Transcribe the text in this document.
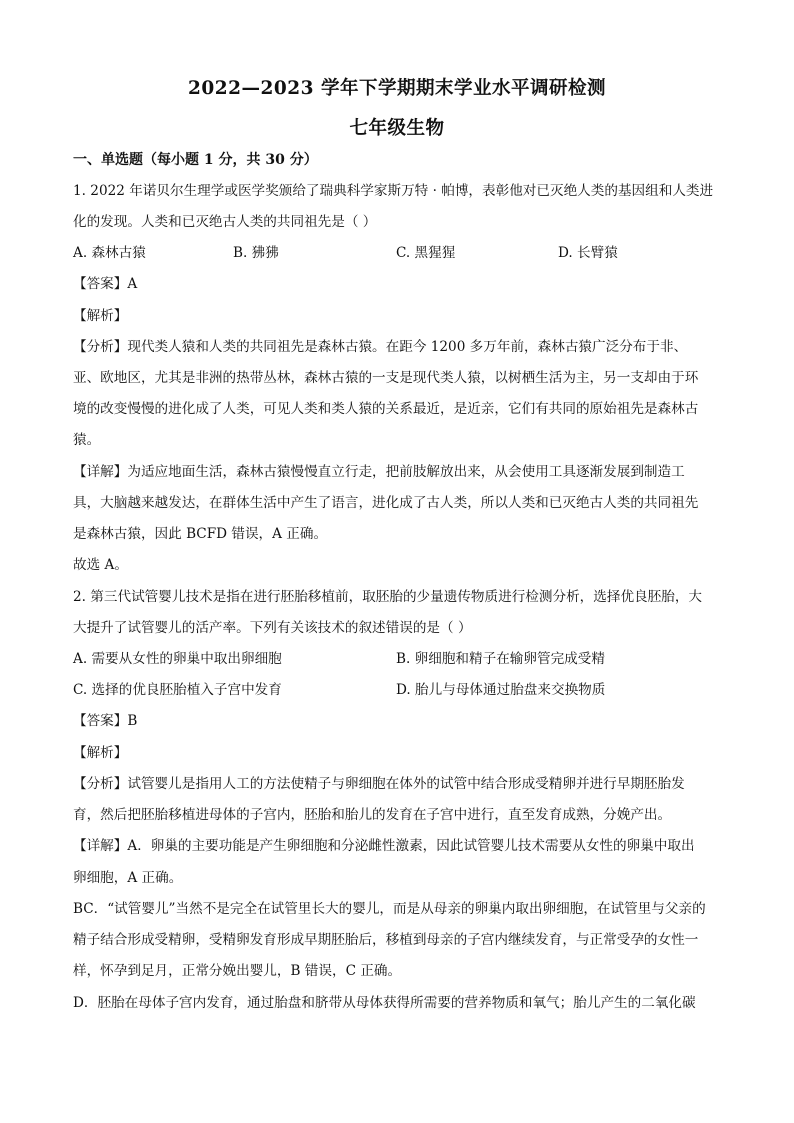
2022—2023 学年下学期期末学业水平调研检测
七年级生物
一、单选题（每小题 1 分，共 30 分）
1. 2022 年诺贝尔生理学或医学奖颁给了瑞典科学家斯万特 · 帕博，表彰他对已灭绝人类的基因组和人类进
化的发现。人类和已灭绝古人类的共同祖先是（ ）
A. 森林古猿	B. 狒狒	C. 黑猩猩	D. 长臂猿
【答案】A
【解析】
【分析】现代类人猿和人类的共同祖先是森林古猿。在距今 1200 多万年前，森林古猿广泛分布于非、
亚、欧地区，尤其是非洲的热带丛林，森林古猿的一支是现代类人猿，以树栖生活为主，另一支却由于环
境的改变慢慢的进化成了人类，可见人类和类人猿的关系最近，是近亲，它们有共同的原始祖先是森林古
猿。
【详解】为适应地面生活，森林古猿慢慢直立行走，把前肢解放出来，从会使用工具逐渐发展到制造工
具，大脑越来越发达，在群体生活中产生了语言，进化成了古人类，所以人类和已灭绝古人类的共同祖先
是森林古猿，因此 BCFD 错误，A 正确。
故选 A。
2. 第三代试管婴儿技术是指在进行胚胎移植前，取胚胎的少量遗传物质进行检测分析，选择优良胚胎，大
大提升了试管婴儿的活产率。下列有关该技术的叙述错误的是（ ）
A. 需要从女性的卵巢中取出卵细胞	B. 卵细胞和精子在输卵管完成受精
C. 选择的优良胚胎植入子宫中发育	D. 胎儿与母体通过胎盘来交换物质
【答案】B
【解析】
【分析】试管婴儿是指用人工的方法使精子与卵细胞在体外的试管中结合形成受精卵并进行早期胚胎发
育，然后把胚胎移植进母体的子宫内，胚胎和胎儿的发育在子宫中进行，直至发育成熟，分娩产出。
【详解】A．卵巢的主要功能是产生卵细胞和分泌雌性激素，因此试管婴儿技术需要从女性的卵巢中取出
卵细胞，A 正确。
BC．“试管婴儿”当然不是完全在试管里长大的婴儿，而是从母亲的卵巢内取出卵细胞，在试管里与父亲的
精子结合形成受精卵，受精卵发育形成早期胚胎后，移植到母亲的子宫内继续发育，与正常受孕的女性一
样，怀孕到足月，正常分娩出婴儿，B 错误，C 正确。
D．胚胎在母体子宫内发育，通过胎盘和脐带从母体获得所需要的营养物质和氧气；胎儿产生的二氧化碳
